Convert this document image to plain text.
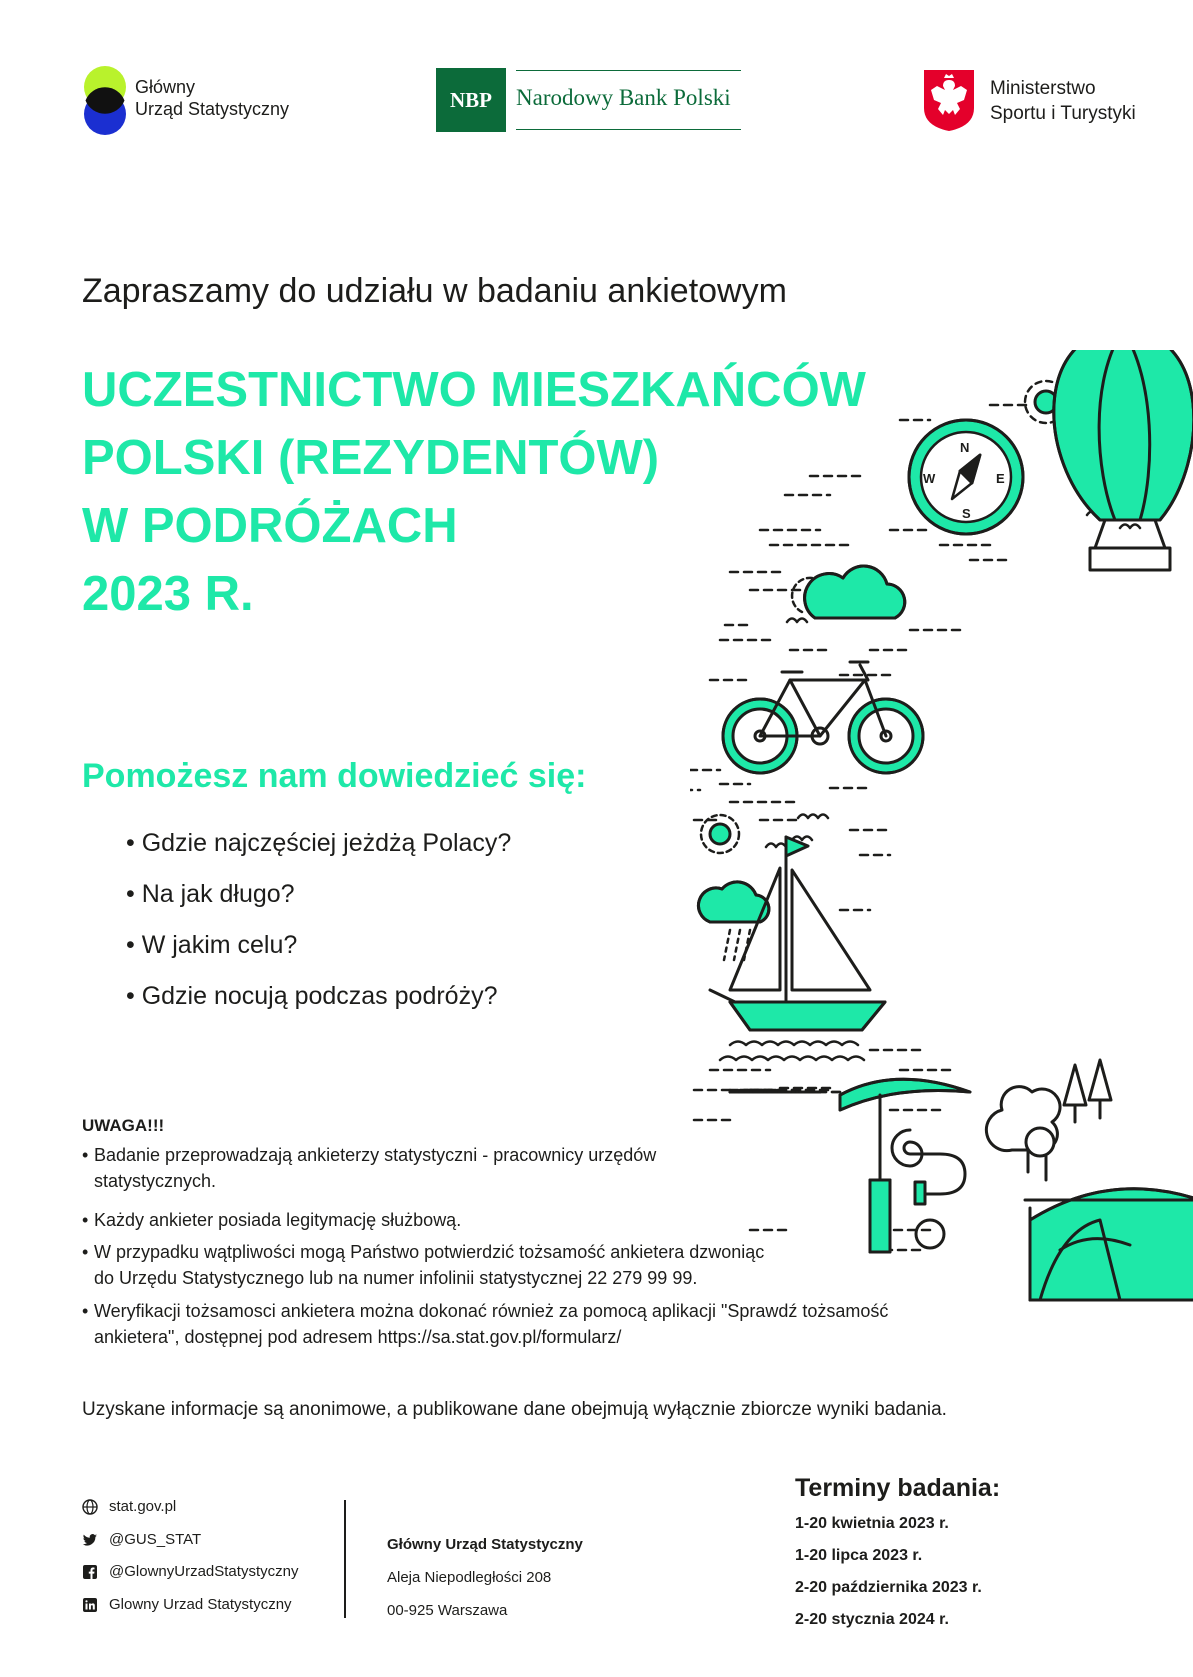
Główny
Urząd Statystyczny	NBP	Narodowy Bank Polski	Ministerstwo
Sportu i Turystyki
Zapraszamy do udziału w badaniu ankietowym
UCZESTNICTWO MIESZKAŃCÓW
POLSKI (REZYDENTÓW)
W PODRÓŻACH
2023 R.
Pomożesz nam dowiedzieć się:
• Gdzie najczęściej jeżdżą Polacy?
• Na jak długo?
• W jakim celu?
• Gdzie nocują podczas podróży?
UWAGA!!!
• Badanie przeprowadzają ankieterzy statystyczni - pracownicy urzędów
statystycznych.
• Każdy ankieter posiada legitymację służbową.
• W przypadku wątpliwości mogą Państwo potwierdzić tożsamość ankietera dzwoniąc
do Urzędu Statystycznego lub na numer infolinii statystycznej 22 279 99 99.
• Weryfikacji tożsamosci ankietera można dokonać również za pomocą aplikacji "Sprawdź tożsamość
ankietera", dostępnej pod adresem https://sa.stat.gov.pl/formularz/
Uzyskane informacje są anonimowe, a publikowane dane obejmują wyłącznie zbiorcze wyniki badania.
stat.gov.pl
@GUS_STAT
@GlownyUrzadStatystyczny
Glowny Urzad Statystyczny
Główny Urząd Statystyczny
Aleja Niepodległości 208
00-925 Warszawa
Terminy badania:
1-20 kwietnia 2023 r.
1-20 lipca 2023 r.
2-20 października 2023 r.
2-20 stycznia 2024 r.
N
W	E
S
